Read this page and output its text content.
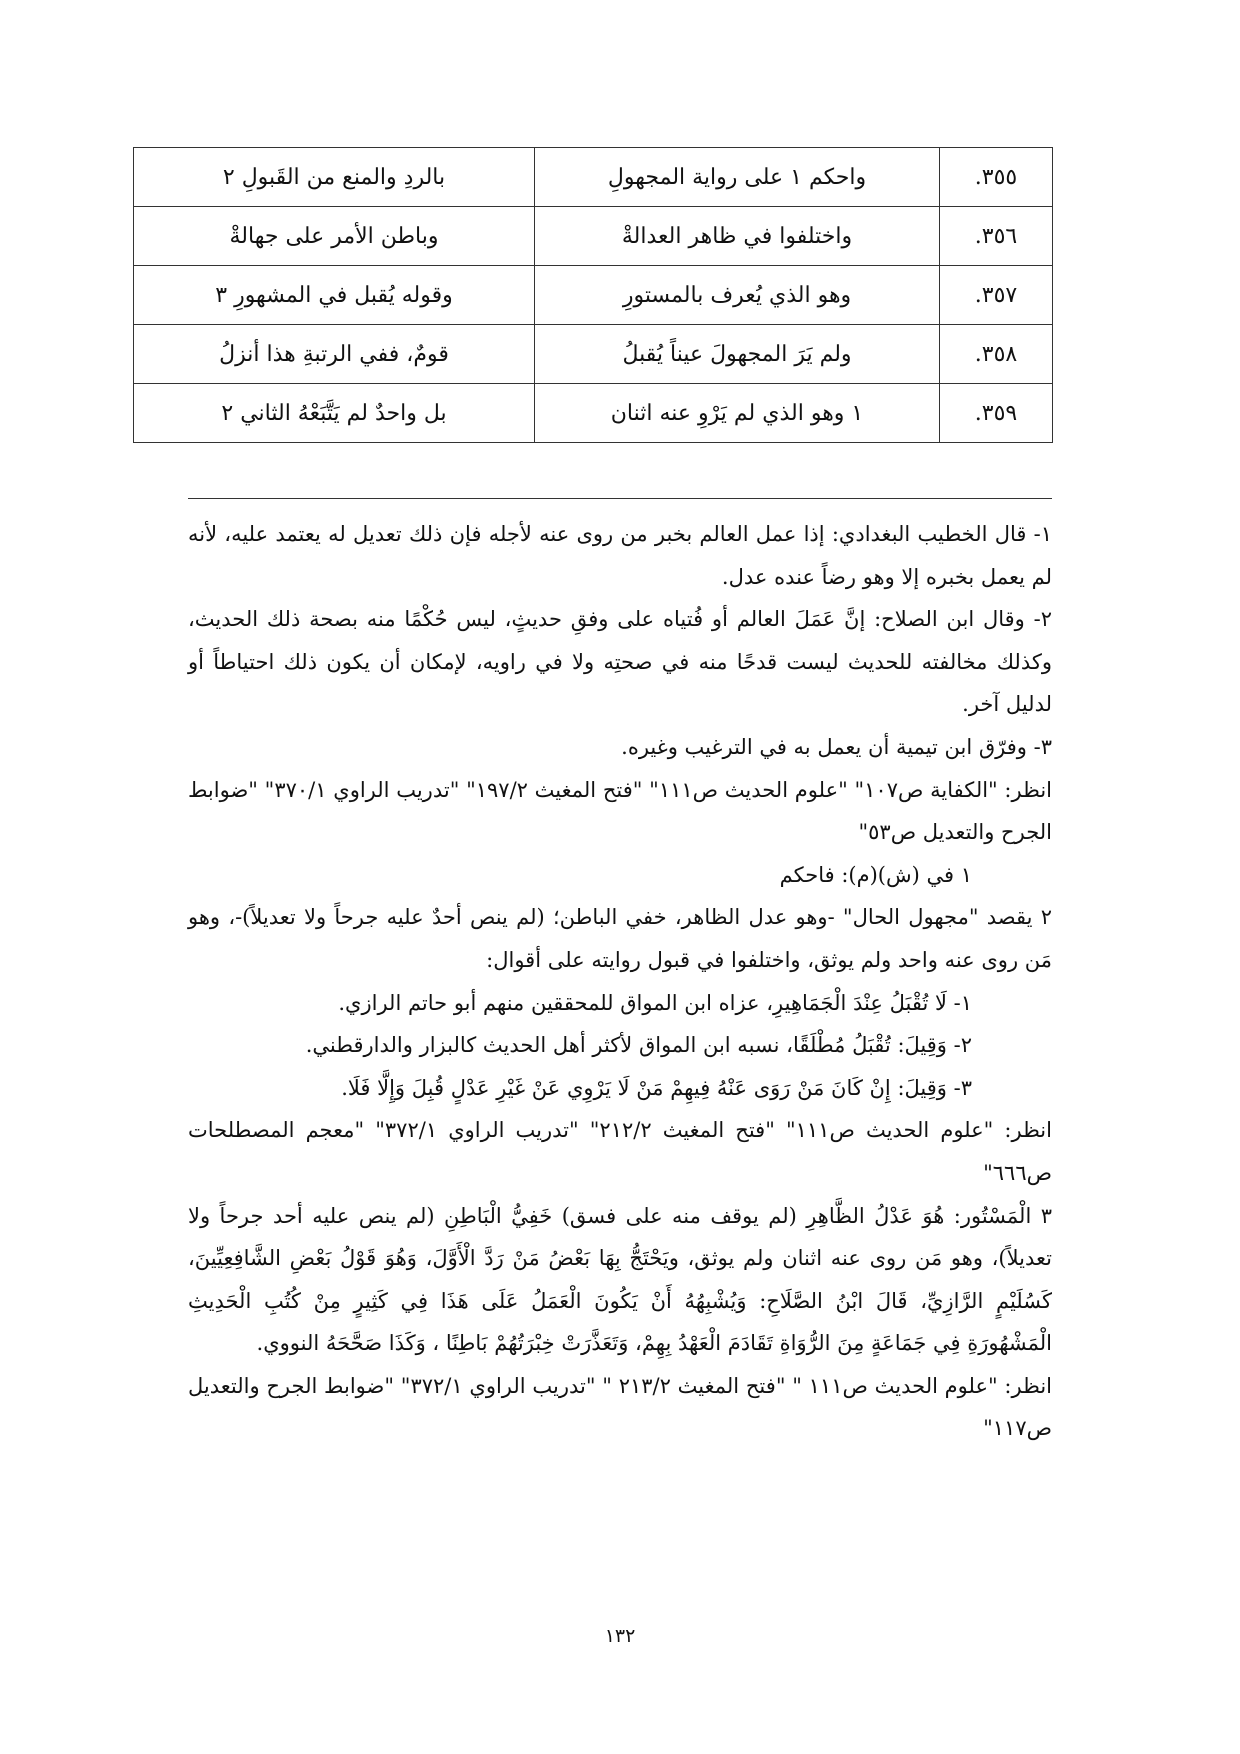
٣٥٥.	واحكم ١ على رواية المجهولِ	بالردِ والمنع من القَبولِ ٢
٣٥٦.	واختلفوا في ظاهر العدالةْ	وباطن الأمر على جهالةْ
٣٥٧.	وهو الذي يُعرف بالمستورِ	وقوله يُقبل في المشهورِ ٣
٣٥٨.	ولم يَرَ المجهولَ عيناً يُقبلُ	قومٌ، ففي الرتبةِ هذا أنزلُ
٣٥٩.	١ وهو الذي لم يَرْوِ عنه اثنان	بل واحدٌ لم يَتَّبَعْهُ الثاني ٢

١- قال الخطيب البغدادي: إذا عمل العالم بخبر من روى عنه لأجله فإن ذلك تعديل له يعتمد عليه، لأنه لم يعمل بخبره إلا وهو رضاً عنده عدل.

٢- وقال ابن الصلاح: إنَّ عَمَلَ العالم أو فُتياه على وفقِ حديثٍ، ليس حُكْمًا منه بصحة ذلك الحديث، وكذلك مخالفته للحديث ليست قدحًا منه في صحتِه ولا في راويه، لإمكان أن يكون ذلك احتياطاً أو لدليل آخر.

٣- وفرّق ابن تيمية أن يعمل به في الترغيب وغيره.

انظر: "الكفاية ص١٠٧" "علوم الحديث ص١١١" "فتح المغيث ١٩٧/٢" "تدريب الراوي ٣٧٠/١" "ضوابط الجرح والتعديل ص٥٣"

١ في (ش)(م): فاحكم

٢ يقصد "مجهول الحال" -وهو عدل الظاهر، خفي الباطن؛ (لم ينص أحدٌ عليه جرحاً ولا تعديلاً)-، وهو مَن روى عنه واحد ولم يوثق، واختلفوا في قبول روايته على أقوال:

١- لَا تُقْبَلُ عِنْدَ الْجَمَاهِيرِ، عزاه ابن المواق للمحققين منهم أبو حاتم الرازي.

٢- وَقِيلَ: تُقْبَلُ مُطْلَقًا، نسبه ابن المواق لأكثر أهل الحديث كالبزار والدارقطني.

٣- وَقِيلَ: إِنْ كَانَ مَنْ رَوَى عَنْهُ فِيهِمْ مَنْ لَا يَرْوِي عَنْ غَيْرِ عَدْلٍ قُبِلَ وَإِلَّا فَلَا.

انظر: "علوم الحديث ص١١١" "فتح المغيث ٢١٢/٢" "تدريب الراوي ٣٧٢/١" "معجم المصطلحات ص٦٦٦"

٣ الْمَسْتُور: هُوَ عَدْلُ الظَّاهِرِ (لم يوقف منه على فسق) خَفِيُّ الْبَاطِنِ (لم ينص عليه أحد جرحاً ولا تعديلاً)، وهو مَن روى عنه اثنان ولم يوثق، ويَحْتَجُّ بِهَا بَعْضُ مَنْ رَدَّ الْأَوَّلَ، وَهُوَ قَوْلُ بَعْضِ الشَّافِعِيِّينَ، كَسُلَيْمٍ الرَّازِيِّ، قَالَ ابْنُ الصَّلَاحِ: وَيُشْبِهُهُ أَنْ يَكُونَ الْعَمَلُ عَلَى هَذَا فِي كَثِيرٍ مِنْ كُتُبِ الْحَدِيثِ الْمَشْهُورَةِ فِي جَمَاعَةٍ مِنَ الرُّوَاةِ تَقَادَمَ الْعَهْدُ بِهِمْ، وَتَعَذَّرَتْ خِبْرَتُهُمْ بَاطِنًا ، وَكَذَا صَحَّحَهُ النووي.

انظر: "علوم الحديث ص١١١ " "فتح المغيث ٢١٣/٢ " "تدريب الراوي ٣٧٢/١" "ضوابط الجرح والتعديل ص١١٧"

١٣٢
